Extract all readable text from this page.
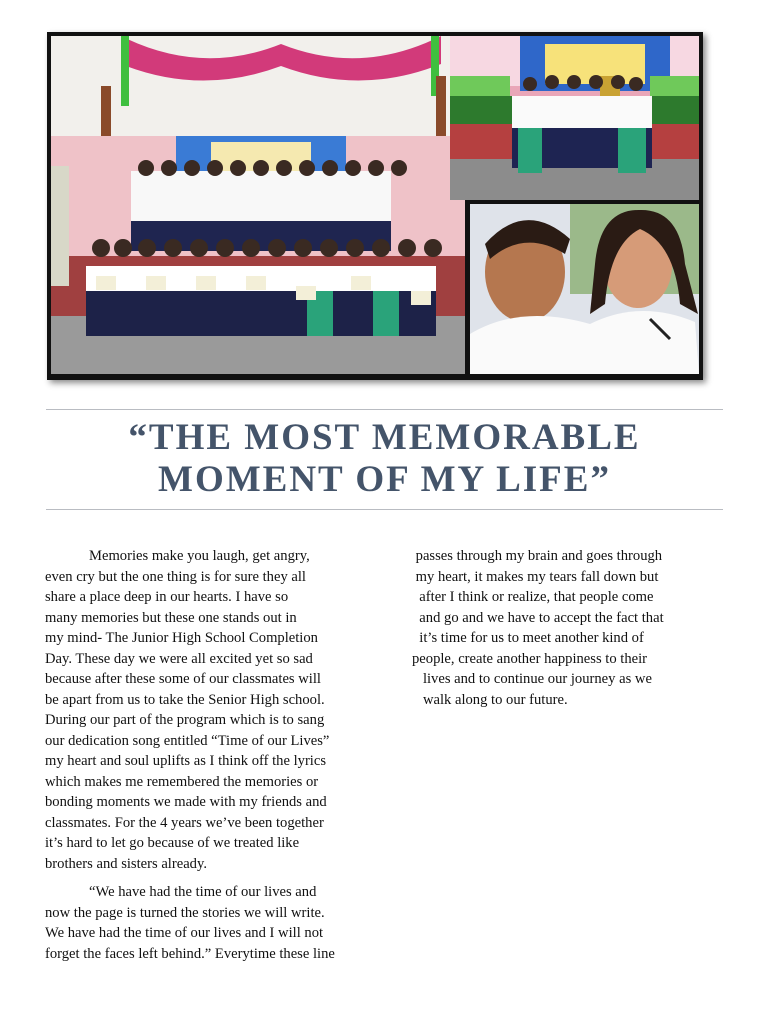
“THE MOST MEMORABLE
MOMENT OF MY LIFE”

Memories make you laugh, get angry,
even cry but the one thing is for sure they all
share a place deep in our hearts. I have so
many memories but these one stands out in
my mind- The Junior High School Completion
Day. These day we were all excited yet so sad
because after these some of our classmates will
be apart from us to take the Senior High school.
During our part of the program which is to sang
our dedication song entitled “Time of our Lives”
my heart and soul uplifts as I think off the lyrics
which makes me remembered the memories or
bonding moments we made with my friends and
classmates. For the 4 years we’ve been together
it’s hard to let go because of we treated like
brothers and sisters already.

“We have had the time of our lives and
now the page is turned the stories we will write.
We have had the time of our lives and I will not
forget the faces left behind.” Everytime these line

passes through my brain and goes through
my heart, it makes my tears fall down but
after I think or realize, that people come
and go and we have to accept the fact that
it’s time for us to meet another kind of
people, create another happiness to their
lives and to continue our journey as we
walk along to our future.
